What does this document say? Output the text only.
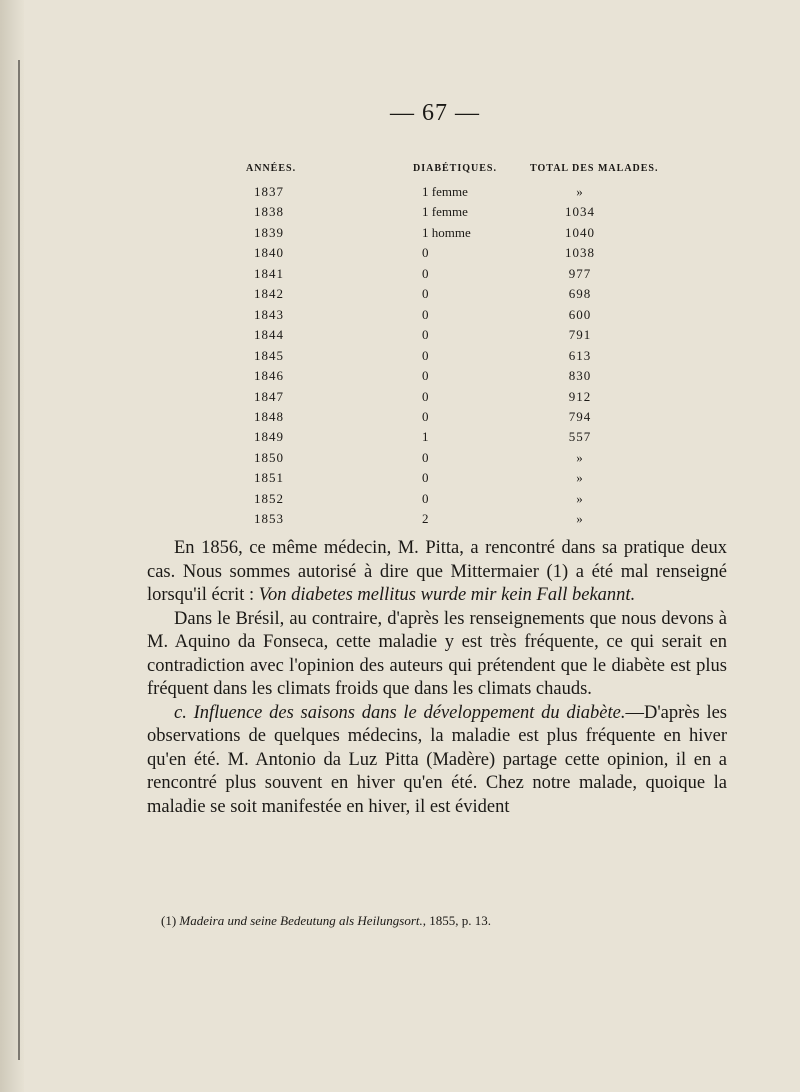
— 67 —
ANNÉES.	DIABÉTIQUES.	TOTAL DES MALADES.
1837	1 femme	»
1838	1 femme	1034
1839	1 homme	1040
1840	0	1038
1841	0	977
1842	0	698
1843	0	600
1844	0	791
1845	0	613
1846	0	830
1847	0	912
1848	0	794
1849	1	557
1850	0	»
1851	0	»
1852	0	»
1853	2	»

En 1856, ce même médecin, M. Pitta, a rencontré dans sa pratique deux cas. Nous sommes autorisé à dire que Mittermaier (1) a été mal renseigné lorsqu'il écrit : Von diabetes mellitus wurde mir kein Fall bekannt.

Dans le Brésil, au contraire, d'après les renseignements que nous devons à M. Aquino da Fonseca, cette maladie y est très fréquente, ce qui serait en contradiction avec l'opinion des auteurs qui prétendent que le diabète est plus fréquent dans les climats froids que dans les climats chauds.

c. Influence des saisons dans le développement du diabète.—D'après les observations de quelques médecins, la maladie est plus fréquente en hiver qu'en été. M. Antonio da Luz Pitta (Madère) partage cette opinion, il en a rencontré plus souvent en hiver qu'en été. Chez notre malade, quoique la maladie se soit manifestée en hiver, il est évident

(1) Madeira und seine Bedeutung als Heilungsort., 1855, p. 13.
